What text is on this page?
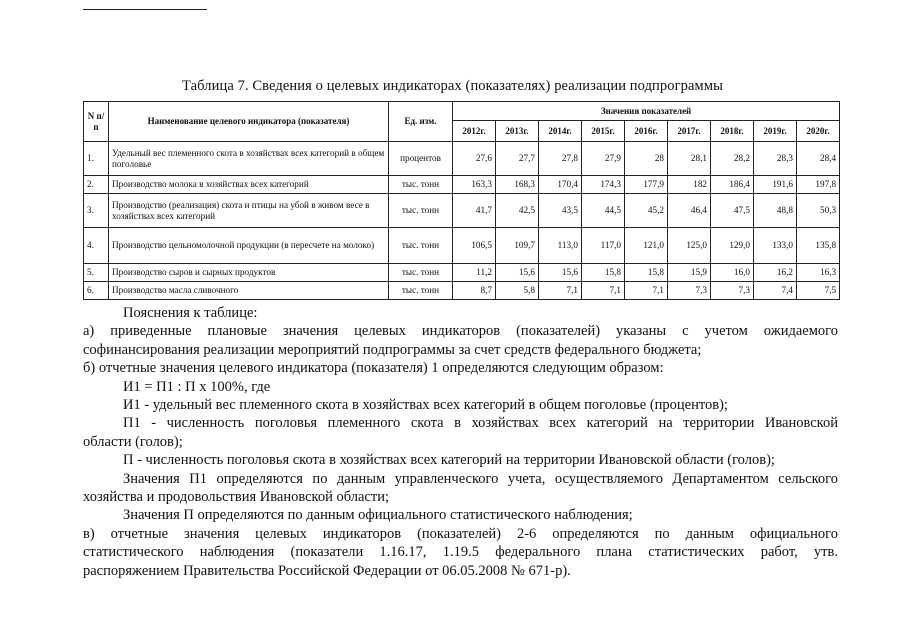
Таблица 7. Сведения о целевых индикаторах (показателях) реализации подпрограммы
N п/п	Наименование целевого индикатора (показателя)	Ед. изм.	Значения показателей								
			2012г.	2013г.	2014г.	2015г.	2016г.	2017г.	2018г.	2019г.	2020г.
1.	Удельный вес племенного скота в хозяйствах всех категорий в общем поголовье	процентов	27,6	27,7	27,8	27,9	28	28,1	28,2	28,3	28,4
2.	Производство молока в хозяйствах всех категорий	тыс. тонн	163,3	168,3	170,4	174,3	177,9	182	186,4	191,6	197,8
3.	Производство (реализация) скота и птицы на убой в живом весе в хозяйствах всех категорий	тыс. тонн	41,7	42,5	43,5	44,5	45,2	46,4	47,5	48,8	50,3
4.	Производство цельномолочной продукции (в пересчете на молоко)	тыс. тонн	106,5	109,7	113,0	117,0	121,0	125,0	129,0	133,0	135,8
5.	Производство сыров и сырных продуктов	тыс. тонн	11,2	15,6	15,6	15,8	15,8	15,9	16,0	16,2	16,3
6.	Производство масла сливочного	тыс. тонн	8,7	5,8	7,1	7,1	7,1	7,3	7,3	7,4	7,5

Пояснения к таблице:

а) приведенные плановые значения целевых индикаторов (показателей) указаны с учетом ожидаемого

софинансирования реализации мероприятий подпрограммы за счет средств федерального бюджета;

б) отчетные значения целевого индикатора (показателя) 1 определяются следующим образом:

И1 = П1 : П x 100%, где

И1 - удельный вес племенного скота в хозяйствах всех категорий в общем поголовье (процентов);

П1 - численность поголовья племенного скота в хозяйствах всех категорий на территории Ивановской

области (голов);

П - численность поголовья скота в хозяйствах всех категорий на территории Ивановской области (голов);

Значения П1 определяются по данным управленческого учета, осуществляемого Департаментом сельского

хозяйства и продовольствия Ивановской области;

Значения П определяются по данным официального статистического наблюдения;

в) отчетные значения целевых индикаторов (показателей) 2-6 определяются по данным официального

статистического наблюдения (показатели 1.16.17, 1.19.5 федерального плана статистических работ, утв.

распоряжением Правительства Российской Федерации от 06.05.2008 № 671-р).
